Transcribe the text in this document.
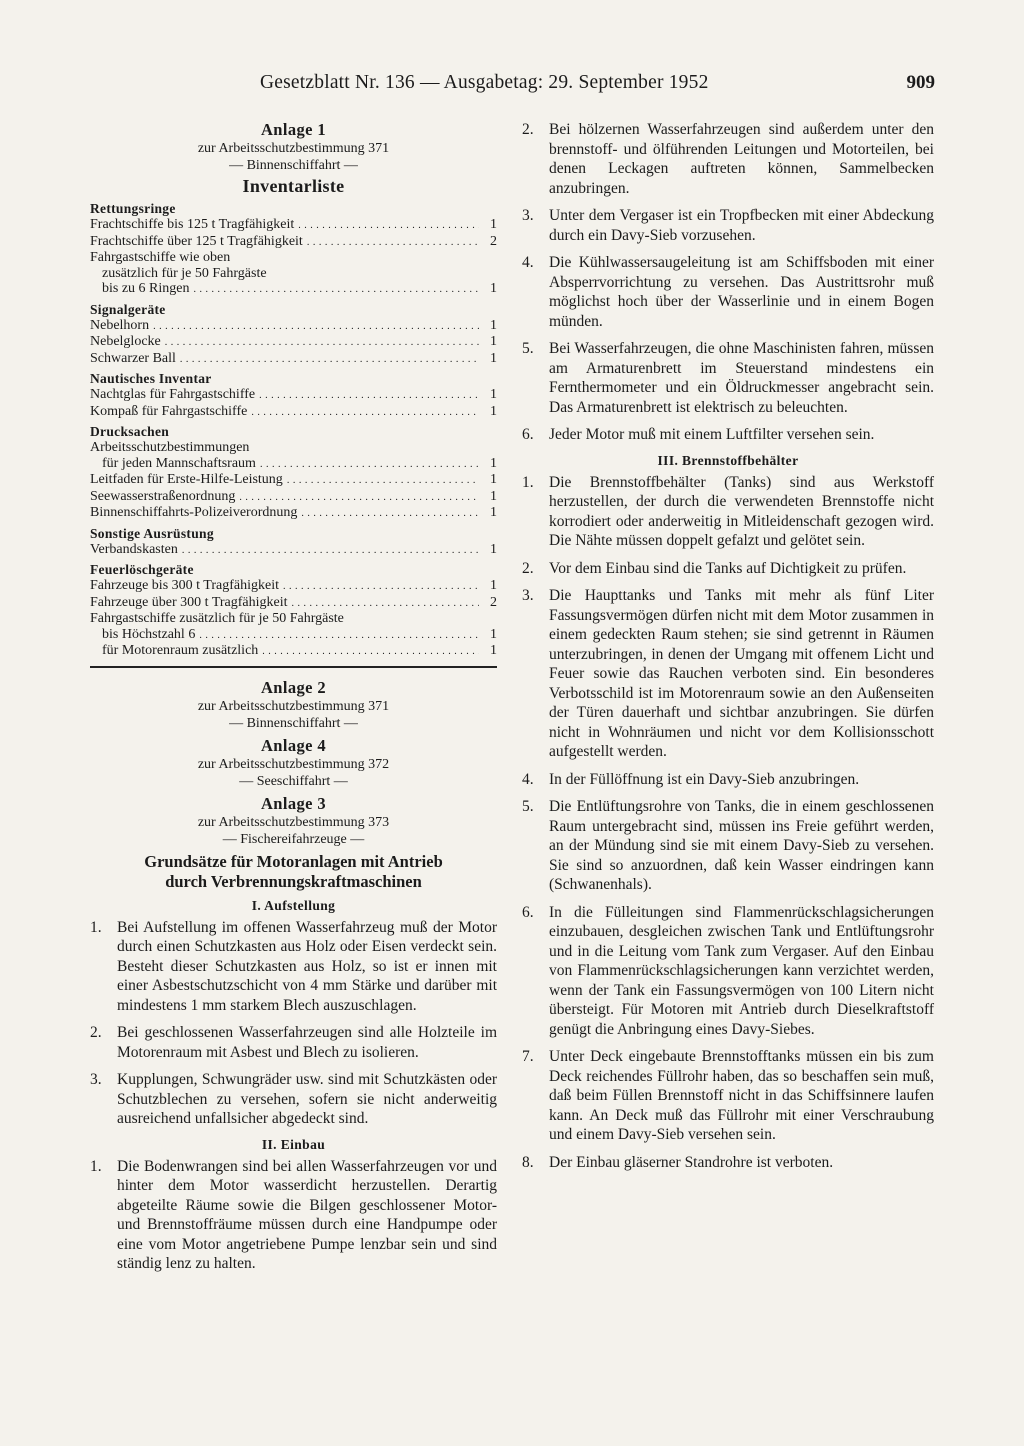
Gesetzblatt Nr. 136 — Ausgabetag: 29. September 1952	909
Anlage 1
zur Arbeitsschutzbestimmung 371
— Binnenschiffahrt —
Inventarliste
Rettungsringe
Frachtschiffe bis 125 t Tragfähigkeit . . .	1
Frachtschiffe über 125 t Tragfähigkeit . . .	2
Fahrgastschiffe wie oben
zusätzlich für je 50 Fahrgäste
bis zu 6 Ringen . . .	1
Signalgeräte
Nebelhorn . . .	1
Nebelglocke . . .	1
Schwarzer Ball . . .	1
Nautisches Inventar
Nachtglas für Fahrgastschiffe . . .	1
Kompaß für Fahrgastschiffe . . .	1
Drucksachen
Arbeitsschutzbestimmungen
für jeden Mannschaftsraum . . .	1
Leitfaden für Erste-Hilfe-Leistung . . .	1
Seewasserstraßenordnung . . .	1
Binnenschiffahrts-Polizeiverordnung . . .	1
Sonstige Ausrüstung
Verbandskasten . . .	1
Feuerlöschgeräte
Fahrzeuge bis 300 t Tragfähigkeit . . .	1
Fahrzeuge über 300 t Tragfähigkeit . . .	2
Fahrgastschiffe zusätzlich für je 50 Fahrgäste
bis Höchstzahl 6 . . .	1
für Motorenraum zusätzlich . . .	1
Anlage 2
zur Arbeitsschutzbestimmung 371
— Binnenschiffahrt —
Anlage 4
zur Arbeitsschutzbestimmung 372
— Seeschiffahrt —
Anlage 3
zur Arbeitsschutzbestimmung 373
— Fischereifahrzeuge —
Grundsätze für Motoranlagen mit Antrieb
durch Verbrennungskraftmaschinen
I. Aufstellung
1. Bei Aufstellung im offenen Wasserfahrzeug muß der Motor durch einen Schutzkasten aus Holz oder Eisen verdeckt sein. Besteht dieser Schutzkasten aus Holz, so ist er innen mit einer Asbestschutzschicht von 4 mm Stärke und darüber mit mindestens 1 mm starkem Blech auszuschlagen.
2. Bei geschlossenen Wasserfahrzeugen sind alle Holzteile im Motorenraum mit Asbest und Blech zu isolieren.
3. Kupplungen, Schwungräder usw. sind mit Schutzkästen oder Schutzblechen zu versehen, sofern sie nicht anderweitig ausreichend unfallsicher abgedeckt sind.
II. Einbau
1. Die Bodenwrangen sind bei allen Wasserfahrzeugen vor und hinter dem Motor wasserdicht herzustellen. Derartig abgeteilte Räume sowie die Bilgen geschlossener Motor- und Brennstoffräume müssen durch eine Handpumpe oder eine vom Motor angetriebene Pumpe lenzbar sein und sind ständig lenz zu halten.
2. Bei hölzernen Wasserfahrzeugen sind außerdem unter den brennstoff- und ölführenden Leitungen und Motorteilen, bei denen Leckagen auftreten können, Sammelbecken anzubringen.
3. Unter dem Vergaser ist ein Tropfbecken mit einer Abdeckung durch ein Davy-Sieb vorzusehen.
4. Die Kühlwassersaugeleitung ist am Schiffsboden mit einer Absperrvorrichtung zu versehen. Das Austrittsrohr muß möglichst hoch über der Wasserlinie und in einem Bogen münden.
5. Bei Wasserfahrzeugen, die ohne Maschinisten fahren, müssen am Armaturenbrett im Steuerstand mindestens ein Fernthermometer und ein Öldruckmesser angebracht sein. Das Armaturenbrett ist elektrisch zu beleuchten.
6. Jeder Motor muß mit einem Luftfilter versehen sein.
III. Brennstoffbehälter
1. Die Brennstoffbehälter (Tanks) sind aus Werkstoff herzustellen, der durch die verwendeten Brennstoffe nicht korrodiert oder anderweitig in Mitleidenschaft gezogen wird. Die Nähte müssen doppelt gefalzt und gelötet sein.
2. Vor dem Einbau sind die Tanks auf Dichtigkeit zu prüfen.
3. Die Haupttanks und Tanks mit mehr als fünf Liter Fassungsvermögen dürfen nicht mit dem Motor zusammen in einem gedeckten Raum stehen; sie sind getrennt in Räumen unterzubringen, in denen der Umgang mit offenem Licht und Feuer sowie das Rauchen verboten sind. Ein besonderes Verbotsschild ist im Motorenraum sowie an den Außenseiten der Türen dauerhaft und sichtbar anzubringen. Sie dürfen nicht in Wohnräumen und nicht vor dem Kollisionsschott aufgestellt werden.
4. In der Füllöffnung ist ein Davy-Sieb anzubringen.
5. Die Entlüftungsrohre von Tanks, die in einem geschlossenen Raum untergebracht sind, müssen ins Freie geführt werden, an der Mündung sind sie mit einem Davy-Sieb zu versehen. Sie sind so anzuordnen, daß kein Wasser eindringen kann (Schwanenhals).
6. In die Fülleitungen sind Flammenrückschlagsicherungen einzubauen, desgleichen zwischen Tank und Entlüftungsrohr und in die Leitung vom Tank zum Vergaser. Auf den Einbau von Flammenrückschlagsicherungen kann verzichtet werden, wenn der Tank ein Fassungsvermögen von 100 Litern nicht übersteigt. Für Motoren mit Antrieb durch Dieselkraftstoff genügt die Anbringung eines Davy-Siebes.
7. Unter Deck eingebaute Brennstofftanks müssen ein bis zum Deck reichendes Füllrohr haben, das so beschaffen sein muß, daß beim Füllen Brennstoff nicht in das Schiffsinnere laufen kann. An Deck muß das Füllrohr mit einer Verschraubung und einem Davy-Sieb versehen sein.
8. Der Einbau gläserner Standrohre ist verboten.
